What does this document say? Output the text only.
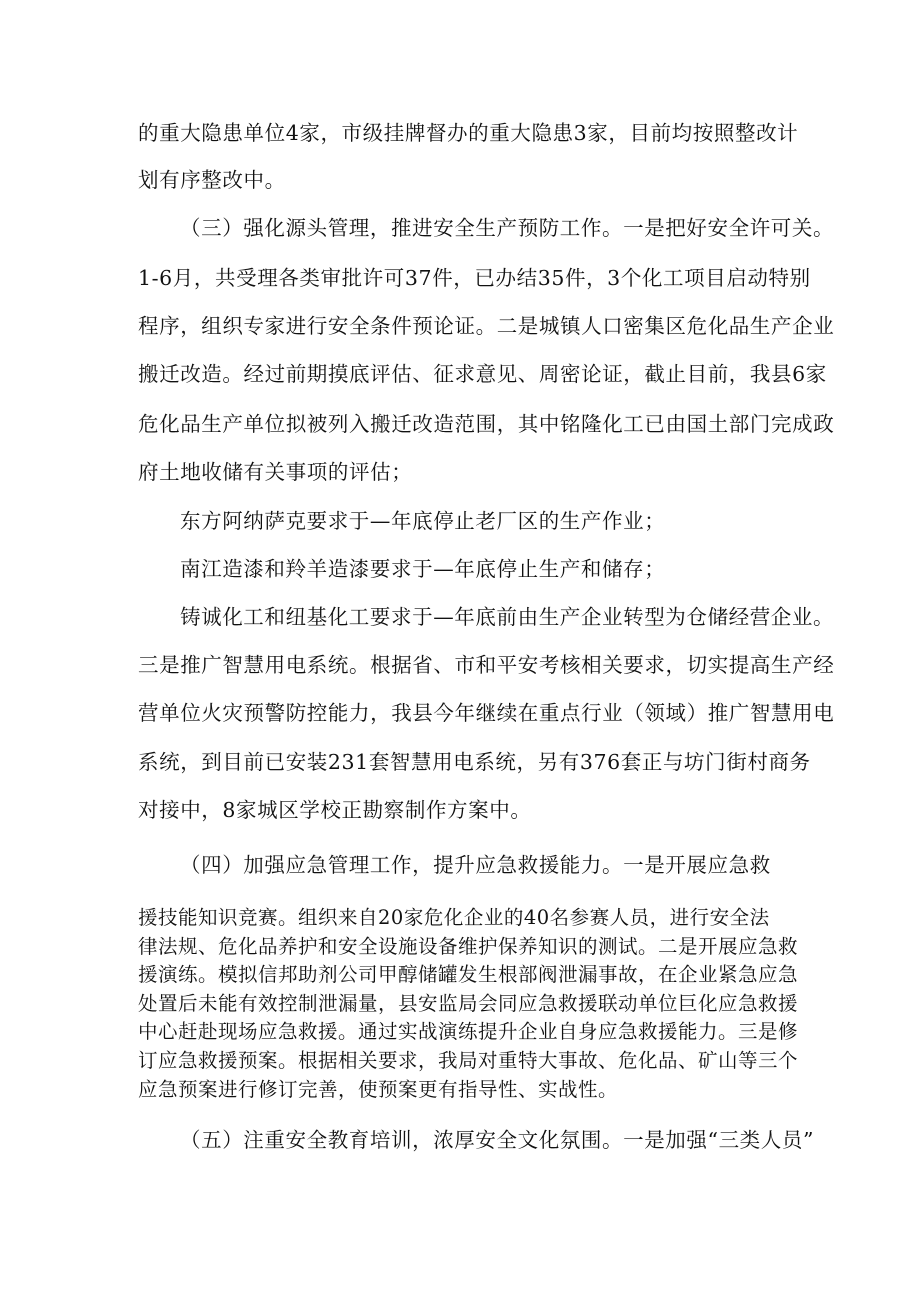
的重大隐患单位4家，市级挂牌督办的重大隐患3家，目前均按照整改计
划有序整改中。
（三）强化源头管理，推进安全生产预防工作。一是把好安全许可关。
1-6月，共受理各类审批许可37件，已办结35件，3个化工项目启动特别
程序，组织专家进行安全条件预论证。二是城镇人口密集区危化品生产企业
搬迁改造。经过前期摸底评估、征求意见、周密论证，截止目前，我县6家
危化品生产单位拟被列入搬迁改造范围，其中铭隆化工已由国土部门完成政
府土地收储有关事项的评估；
东方阿纳萨克要求于—年底停止老厂区的生产作业；
南江造漆和羚羊造漆要求于—年底停止生产和储存；
铸诚化工和纽基化工要求于—年底前由生产企业转型为仓储经营企业。
三是推广智慧用电系统。根据省、市和平安考核相关要求，切实提高生产经
营单位火灾预警防控能力，我县今年继续在重点行业（领域）推广智慧用电
系统，到目前已安装231套智慧用电系统，另有376套正与坊门街村商务
对接中，8家城区学校正勘察制作方案中。
（四）加强应急管理工作，提升应急救援能力。一是开展应急救
援技能知识竞赛。组织来自20家危化企业的40名参赛人员，进行安全法
律法规、危化品养护和安全设施设备维护保养知识的测试。二是开展应急救
援演练。模拟信邦助剂公司甲醇储罐发生根部阀泄漏事故，在企业紧急应急
处置后未能有效控制泄漏量，县安监局会同应急救援联动单位巨化应急救援
中心赶赴现场应急救援。通过实战演练提升企业自身应急救援能力。三是修
订应急救援预案。根据相关要求，我局对重特大事故、危化品、矿山等三个
应急预案进行修订完善，使预案更有指导性、实战性。
（五）注重安全教育培训，浓厚安全文化氛围。一是加强“三类人员”
